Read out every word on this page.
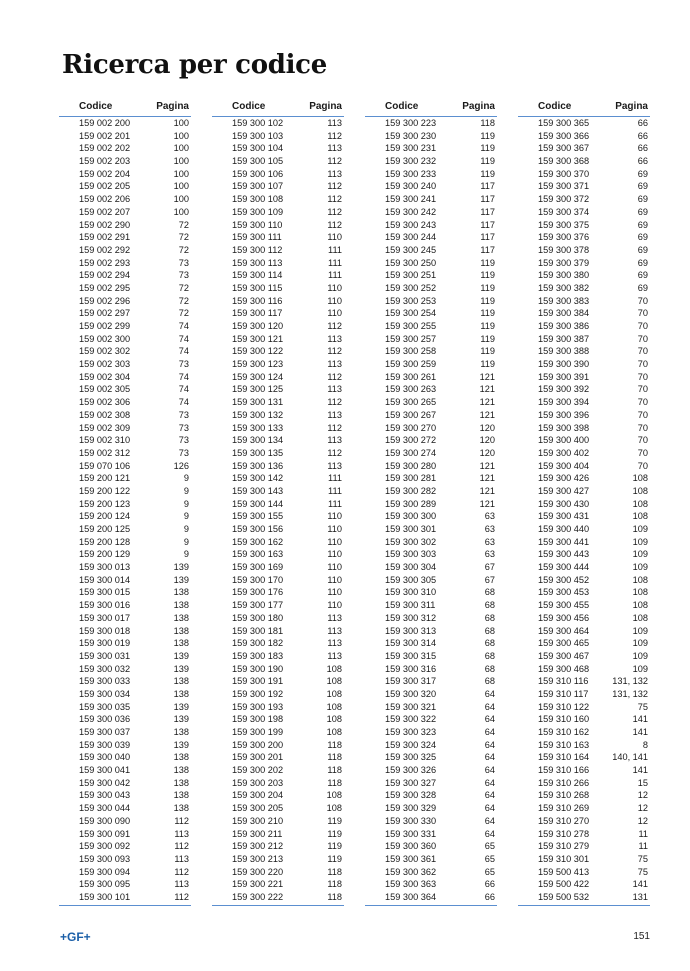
Ricerca per codice
Codice	Pagina
159 002 200	100
159 002 201	100
159 002 202	100
159 002 203	100
159 002 204	100
159 002 205	100
159 002 206	100
159 002 207	100
159 002 290	72
159 002 291	72
159 002 292	72
159 002 293	73
159 002 294	73
159 002 295	72
159 002 296	72
159 002 297	72
159 002 299	74
159 002 300	74
159 002 302	74
159 002 303	73
159 002 304	74
159 002 305	74
159 002 306	74
159 002 308	73
159 002 309	73
159 002 310	73
159 002 312	73
159 070 106	126
159 200 121	9
159 200 122	9
159 200 123	9
159 200 124	9
159 200 125	9
159 200 128	9
159 200 129	9
159 300 013	139
159 300 014	139
159 300 015	138
159 300 016	138
159 300 017	138
159 300 018	138
159 300 019	138
159 300 031	139
159 300 032	139
159 300 033	138
159 300 034	138
159 300 035	139
159 300 036	139
159 300 037	138
159 300 039	139
159 300 040	138
159 300 041	138
159 300 042	138
159 300 043	138
159 300 044	138
159 300 090	112
159 300 091	113
159 300 092	112
159 300 093	113
159 300 094	112
159 300 095	113
159 300 101	112
Codice	Pagina
159 300 102	113
159 300 103	112
159 300 104	113
159 300 105	112
159 300 106	113
159 300 107	112
159 300 108	112
159 300 109	112
159 300 110	112
159 300 111	110
159 300 112	111
159 300 113	111
159 300 114	111
159 300 115	110
159 300 116	110
159 300 117	110
159 300 120	112
159 300 121	113
159 300 122	112
159 300 123	113
159 300 124	112
159 300 125	113
159 300 131	112
159 300 132	113
159 300 133	112
159 300 134	113
159 300 135	112
159 300 136	113
159 300 142	111
159 300 143	111
159 300 144	111
159 300 155	110
159 300 156	110
159 300 162	110
159 300 163	110
159 300 169	110
159 300 170	110
159 300 176	110
159 300 177	110
159 300 180	113
159 300 181	113
159 300 182	113
159 300 183	113
159 300 190	108
159 300 191	108
159 300 192	108
159 300 193	108
159 300 198	108
159 300 199	108
159 300 200	118
159 300 201	118
159 300 202	118
159 300 203	118
159 300 204	108
159 300 205	108
159 300 210	119
159 300 211	119
159 300 212	119
159 300 213	119
159 300 220	118
159 300 221	118
159 300 222	118
Codice	Pagina
159 300 223	118
159 300 230	119
159 300 231	119
159 300 232	119
159 300 233	119
159 300 240	117
159 300 241	117
159 300 242	117
159 300 243	117
159 300 244	117
159 300 245	117
159 300 250	119
159 300 251	119
159 300 252	119
159 300 253	119
159 300 254	119
159 300 255	119
159 300 257	119
159 300 258	119
159 300 259	119
159 300 261	121
159 300 263	121
159 300 265	121
159 300 267	121
159 300 270	120
159 300 272	120
159 300 274	120
159 300 280	121
159 300 281	121
159 300 282	121
159 300 289	121
159 300 300	63
159 300 301	63
159 300 302	63
159 300 303	63
159 300 304	67
159 300 305	67
159 300 310	68
159 300 311	68
159 300 312	68
159 300 313	68
159 300 314	68
159 300 315	68
159 300 316	68
159 300 317	68
159 300 320	64
159 300 321	64
159 300 322	64
159 300 323	64
159 300 324	64
159 300 325	64
159 300 326	64
159 300 327	64
159 300 328	64
159 300 329	64
159 300 330	64
159 300 331	64
159 300 360	65
159 300 361	65
159 300 362	65
159 300 363	66
159 300 364	66
Codice	Pagina
159 300 365	66
159 300 366	66
159 300 367	66
159 300 368	66
159 300 370	69
159 300 371	69
159 300 372	69
159 300 374	69
159 300 375	69
159 300 376	69
159 300 378	69
159 300 379	69
159 300 380	69
159 300 382	69
159 300 383	70
159 300 384	70
159 300 386	70
159 300 387	70
159 300 388	70
159 300 390	70
159 300 391	70
159 300 392	70
159 300 394	70
159 300 396	70
159 300 398	70
159 300 400	70
159 300 402	70
159 300 404	70
159 300 426	108
159 300 427	108
159 300 430	108
159 300 431	108
159 300 440	109
159 300 441	109
159 300 443	109
159 300 444	109
159 300 452	108
159 300 453	108
159 300 455	108
159 300 456	108
159 300 464	109
159 300 465	109
159 300 467	109
159 300 468	109
159 310 116	131, 132
159 310 117	131, 132
159 310 122	75
159 310 160	141
159 310 162	141
159 310 163	8
159 310 164	140, 141
159 310 166	141
159 310 266	15
159 310 268	12
159 310 269	12
159 310 270	12
159 310 278	11
159 310 279	11
159 310 301	75
159 500 413	75
159 500 422	141
159 500 532	131
+GF+	151
